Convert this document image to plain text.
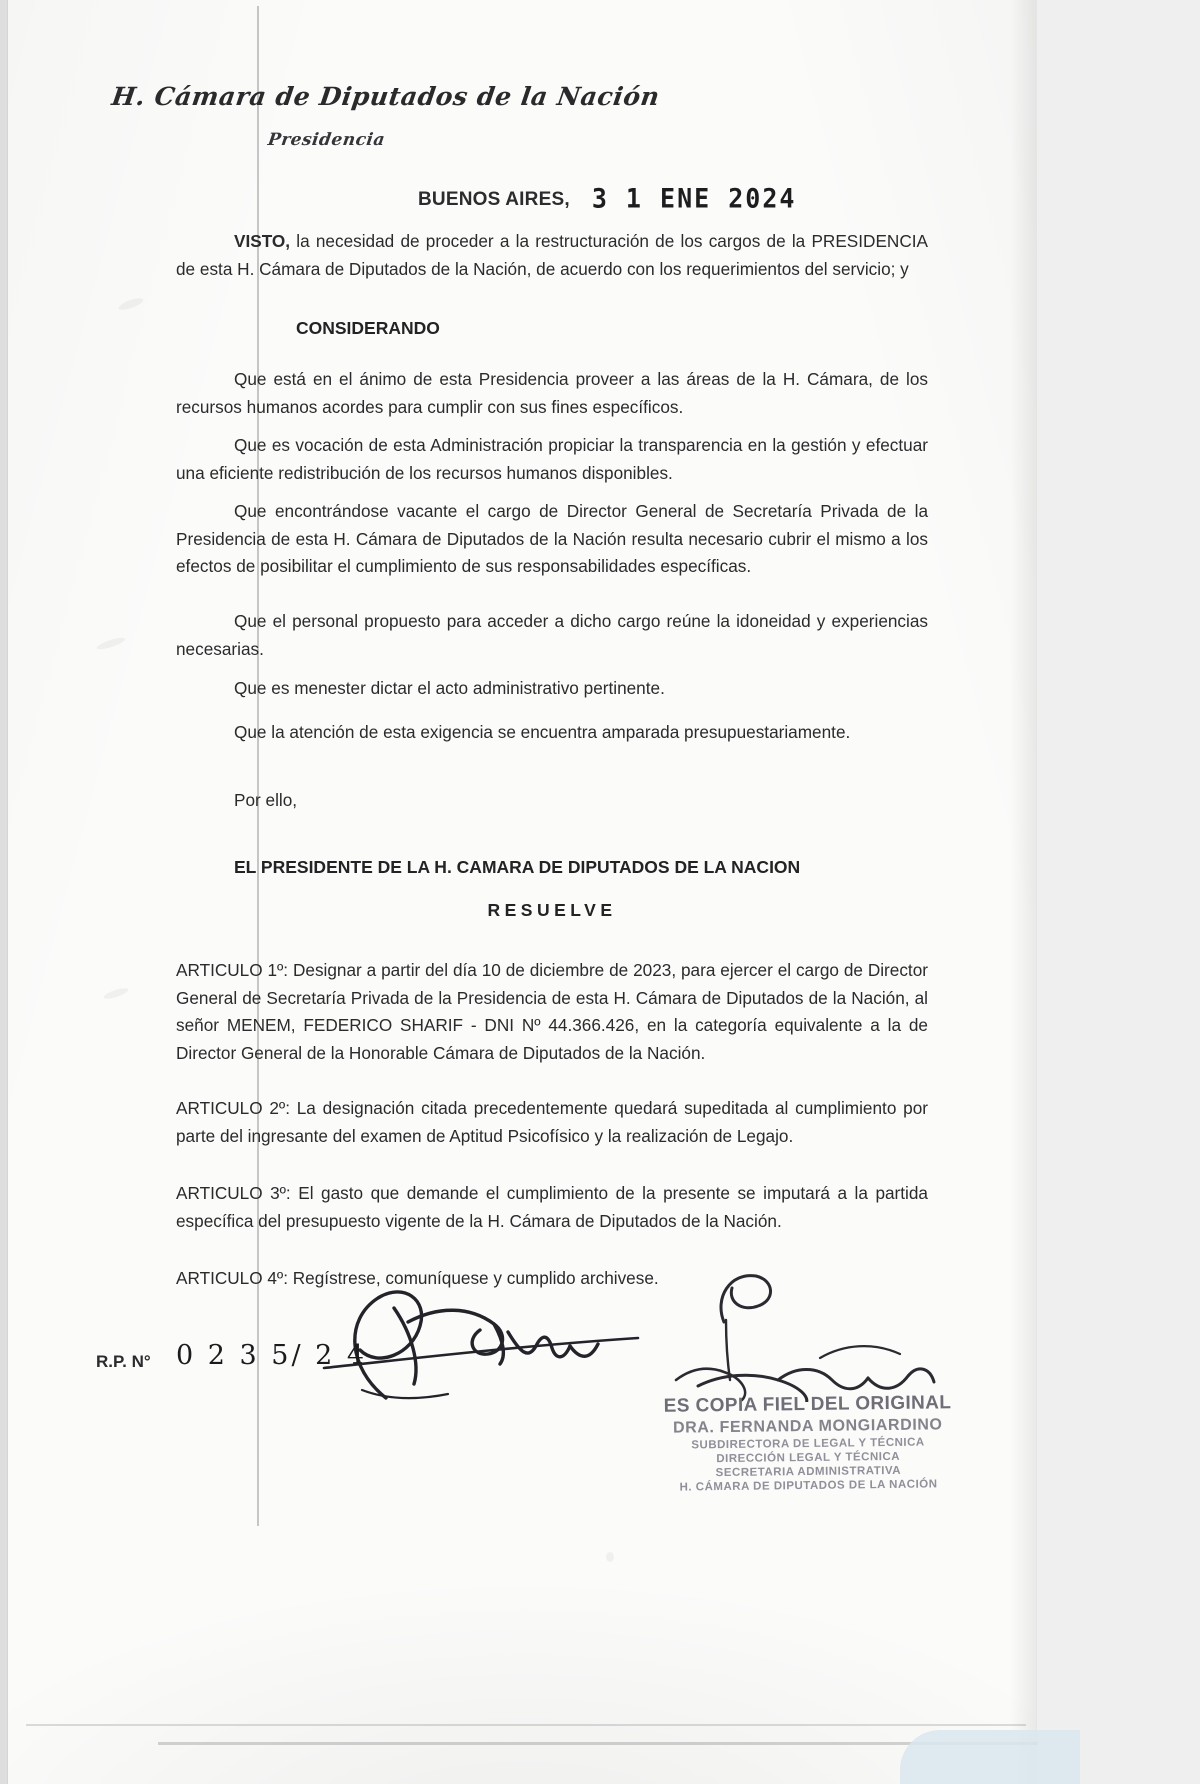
H. Cámara de Diputados de la Nación
Presidencia
BUENOS AIRES, 3 1 ENE 2024
VISTO, la necesidad de proceder a la restructuración de los cargos de la PRESIDENCIA de esta H. Cámara de Diputados de la Nación, de acuerdo con los requerimientos del servicio; y
CONSIDERANDO
Que está en el ánimo de esta Presidencia proveer a las áreas de la H. Cámara, de los recursos humanos acordes para cumplir con sus fines específicos.
Que es vocación de esta Administración propiciar la transparencia en la gestión y efectuar una eficiente redistribución de los recursos humanos disponibles.
Que encontrándose vacante el cargo de Director General de Secretaría Privada de la Presidencia de esta H. Cámara de Diputados de la Nación resulta necesario cubrir el mismo a los efectos de posibilitar el cumplimiento de sus responsabilidades específicas.
Que el personal propuesto para acceder a dicho cargo reúne la idoneidad y experiencias necesarias.
Que es menester dictar el acto administrativo pertinente.
Que la atención de esta exigencia se encuentra amparada presupuestariamente.
Por ello,
EL PRESIDENTE DE LA H. CAMARA DE DIPUTADOS DE LA NACION
RESUELVE
ARTICULO 1º: Designar a partir del día 10 de diciembre de 2023, para ejercer el cargo de Director General de Secretaría Privada de la Presidencia de esta H. Cámara de Diputados de la Nación, al señor MENEM, FEDERICO SHARIF - DNI Nº 44.366.426, en la categoría equivalente a la de Director General de la Honorable Cámara de Diputados de la Nación.
ARTICULO 2º: La designación citada precedentemente quedará supeditada al cumplimiento por parte del ingresante del examen de Aptitud Psicofísico y la realización de Legajo.
ARTICULO 3º: El gasto que demande el cumplimiento de la presente se imputará a la partida específica del presupuesto vigente de la H. Cámara de Diputados de la Nación.
ARTICULO 4º: Regístrese, comuníquese y cumplido archivese.
R.P. N° 0 2 3 5/ 2 4
ES COPIA FIEL DEL ORIGINAL
DRA. FERNANDA MONGIARDINO
SUBDIRECTORA DE LEGAL Y TÉCNICA
DIRECCIÓN LEGAL Y TÉCNICA
SECRETARIA ADMINISTRATIVA
H. CÁMARA DE DIPUTADOS DE LA NACIÓN
